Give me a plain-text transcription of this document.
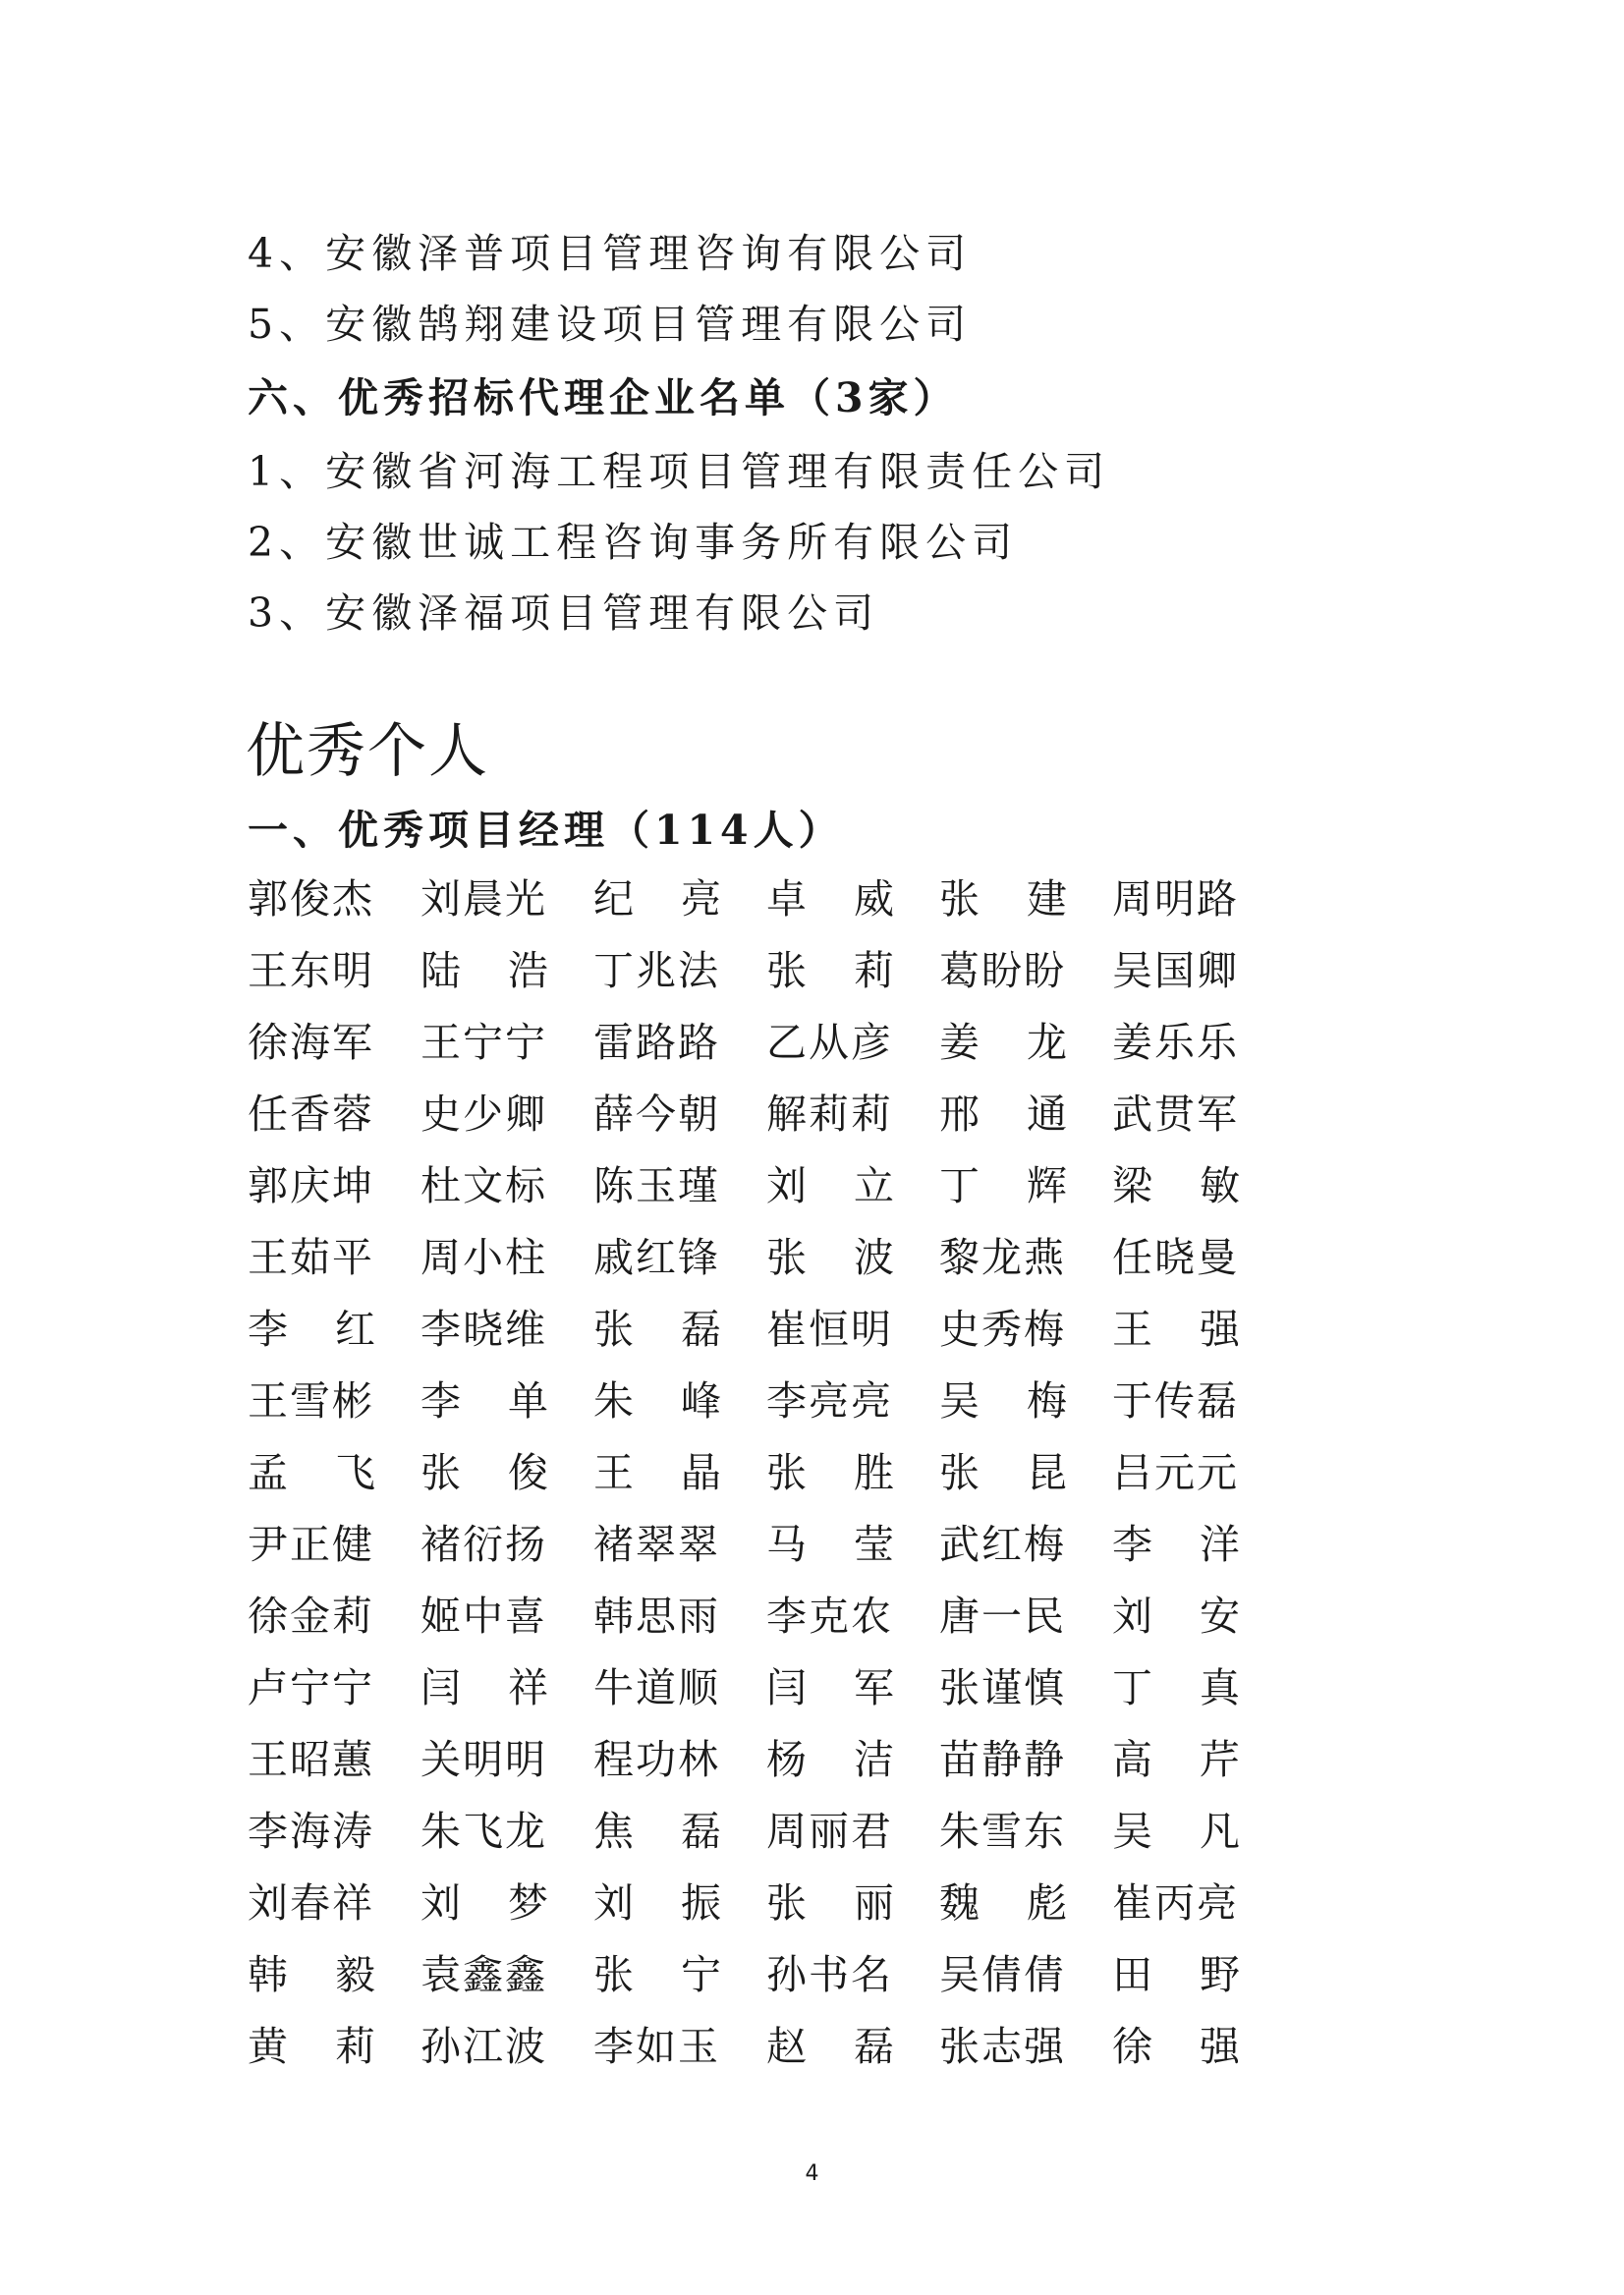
4、安徽泽普项目管理咨询有限公司
5、安徽鹄翔建设项目管理有限公司
六、优秀招标代理企业名单（3家）
1、安徽省河海工程项目管理有限责任公司
2、安徽世诚工程咨询事务所有限公司
3、安徽泽福项目管理有限公司
优秀个人
一、优秀项目经理（114人）
郭俊杰 刘晨光 纪 亮 卓 威 张 建 周明路
王东明 陆 浩 丁兆法 张 莉 葛盼盼 吴国卿
徐海军 王宁宁 雷路路 乙从彦 姜 龙 姜乐乐
任香蓉 史少卿 薛今朝 解莉莉 邢 通 武贯军
郭庆坤 杜文标 陈玉瑾 刘 立 丁 辉 梁 敏
王茹平 周小柱 戚红锋 张 波 黎龙燕 任晓曼
李 红 李晓维 张 磊 崔恒明 史秀梅 王 强
王雪彬 李 单 朱 峰 李亮亮 吴 梅 于传磊
孟 飞 张 俊 王 晶 张 胜 张 昆 吕元元
尹正健 褚衍扬 褚翠翠 马 莹 武红梅 李 洋
徐金莉 姬中喜 韩思雨 李克农 唐一民 刘 安
卢宁宁 闫 祥 牛道顺 闫 军 张谨慎 丁 真
王昭蕙 关明明 程功林 杨 洁 苗静静 高 芹
李海涛 朱飞龙 焦 磊 周丽君 朱雪东 吴 凡
刘春祥 刘 梦 刘 振 张 丽 魏 彪 崔丙亮
韩 毅 袁鑫鑫 张 宁 孙书名 吴倩倩 田 野
黄 莉 孙江波 李如玉 赵 磊 张志强 徐 强
4
